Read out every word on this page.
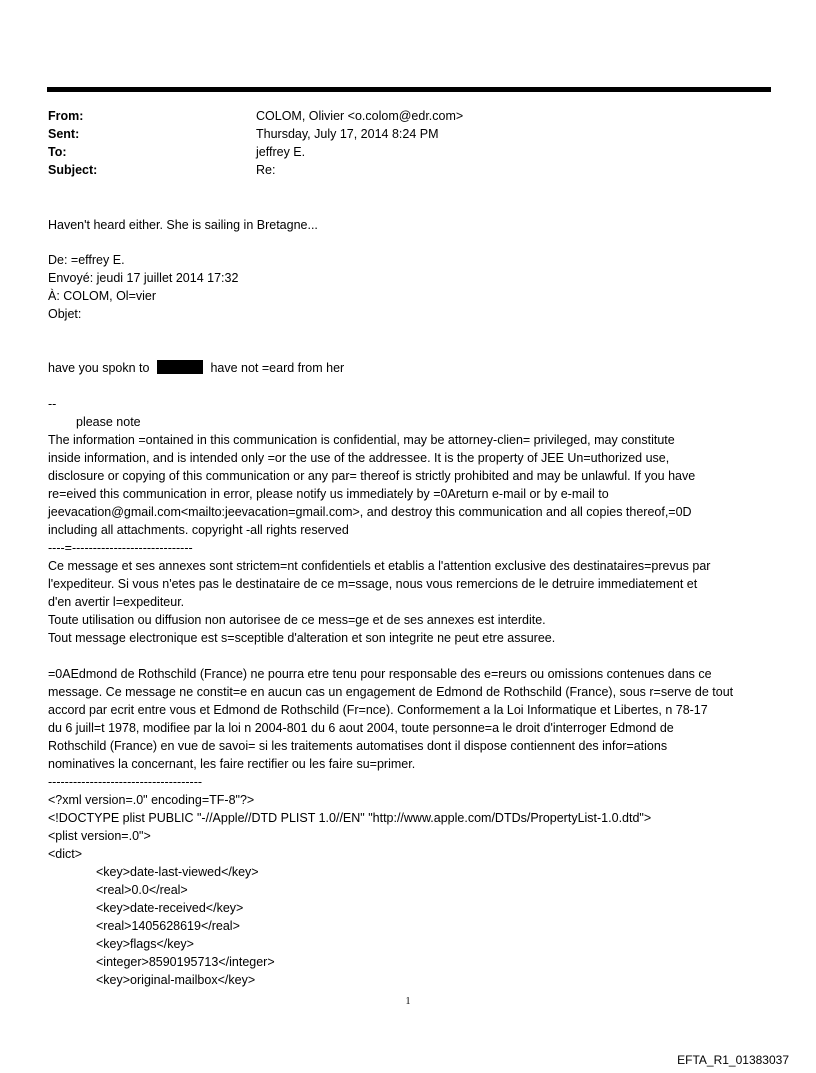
From:	COLOM, Olivier <o.colom@edr.com>
Sent:	Thursday, July 17, 2014 8:24 PM
To:	jeffrey E.
Subject:	Re:
Haven't heard either. She is sailing in Bretagne...
De: =effrey E.
Envoyé: jeudi 17 juillet 2014 17:32
À: COLOM, Ol=vier
Objet:
have you spokn to	have not =eard from her
--
please note
The information =ontained in this communication is confidential, may be attorney-clien= privileged, may constitute
inside information, and is intended only =or the use of the addressee. It is the property of JEE Un=uthorized use,
disclosure or copying of this communication or any par= thereof is strictly prohibited and may be unlawful. If you have
re=eived this communication in error, please notify us immediately by =0Areturn e-mail or by e-mail to
jeevacation@gmail.com<mailto:jeevacation=gmail.com>, and destroy this communication and all copies thereof,=0D
including all attachments. copyright -all rights reserved
----=-----------------------------
Ce message et ses annexes sont strictem=nt confidentiels et etablis a l'attention exclusive des destinataires=prevus par
l'expediteur. Si vous n'etes pas le destinataire de ce m=ssage, nous vous remercions de le detruire immediatement et
d'en avertir l=expediteur.
Toute utilisation ou diffusion non autorisee de ce mess=ge et de ses annexes est interdite.
Tout message electronique est s=sceptible d'alteration et son integrite ne peut etre assuree.
=0AEdmond de Rothschild (France) ne pourra etre tenu pour responsable des e=reurs ou omissions contenues dans ce
message. Ce message ne constit=e en aucun cas un engagement de Edmond de Rothschild (France), sous r=serve de tout
accord par ecrit entre vous et Edmond de Rothschild (Fr=nce). Conformement a la Loi Informatique et Libertes, n 78-17
du 6 juill=t 1978, modifiee par la loi n 2004-801 du 6 aout 2004, toute personne=a le droit d'interroger Edmond de
Rothschild (France) en vue de savoi= si les traitements automatises dont il dispose contiennent des infor=ations
nominatives la concernant, les faire rectifier ou les faire su=primer.
-------------------------------------
<?xml version=.0" encoding=TF-8"?>
<!DOCTYPE plist PUBLIC "-//Apple//DTD PLIST 1.0//EN" "http://www.apple.com/DTDs/PropertyList-1.0.dtd">
<plist version=.0">
<dict>
<key>date-last-viewed</key>
<real>0.0</real>
<key>date-received</key>
<real>1405628619</real>
<key>flags</key>
<integer>8590195713</integer>
<key>original-mailbox</key>
1
EFTA_R1_01383037
